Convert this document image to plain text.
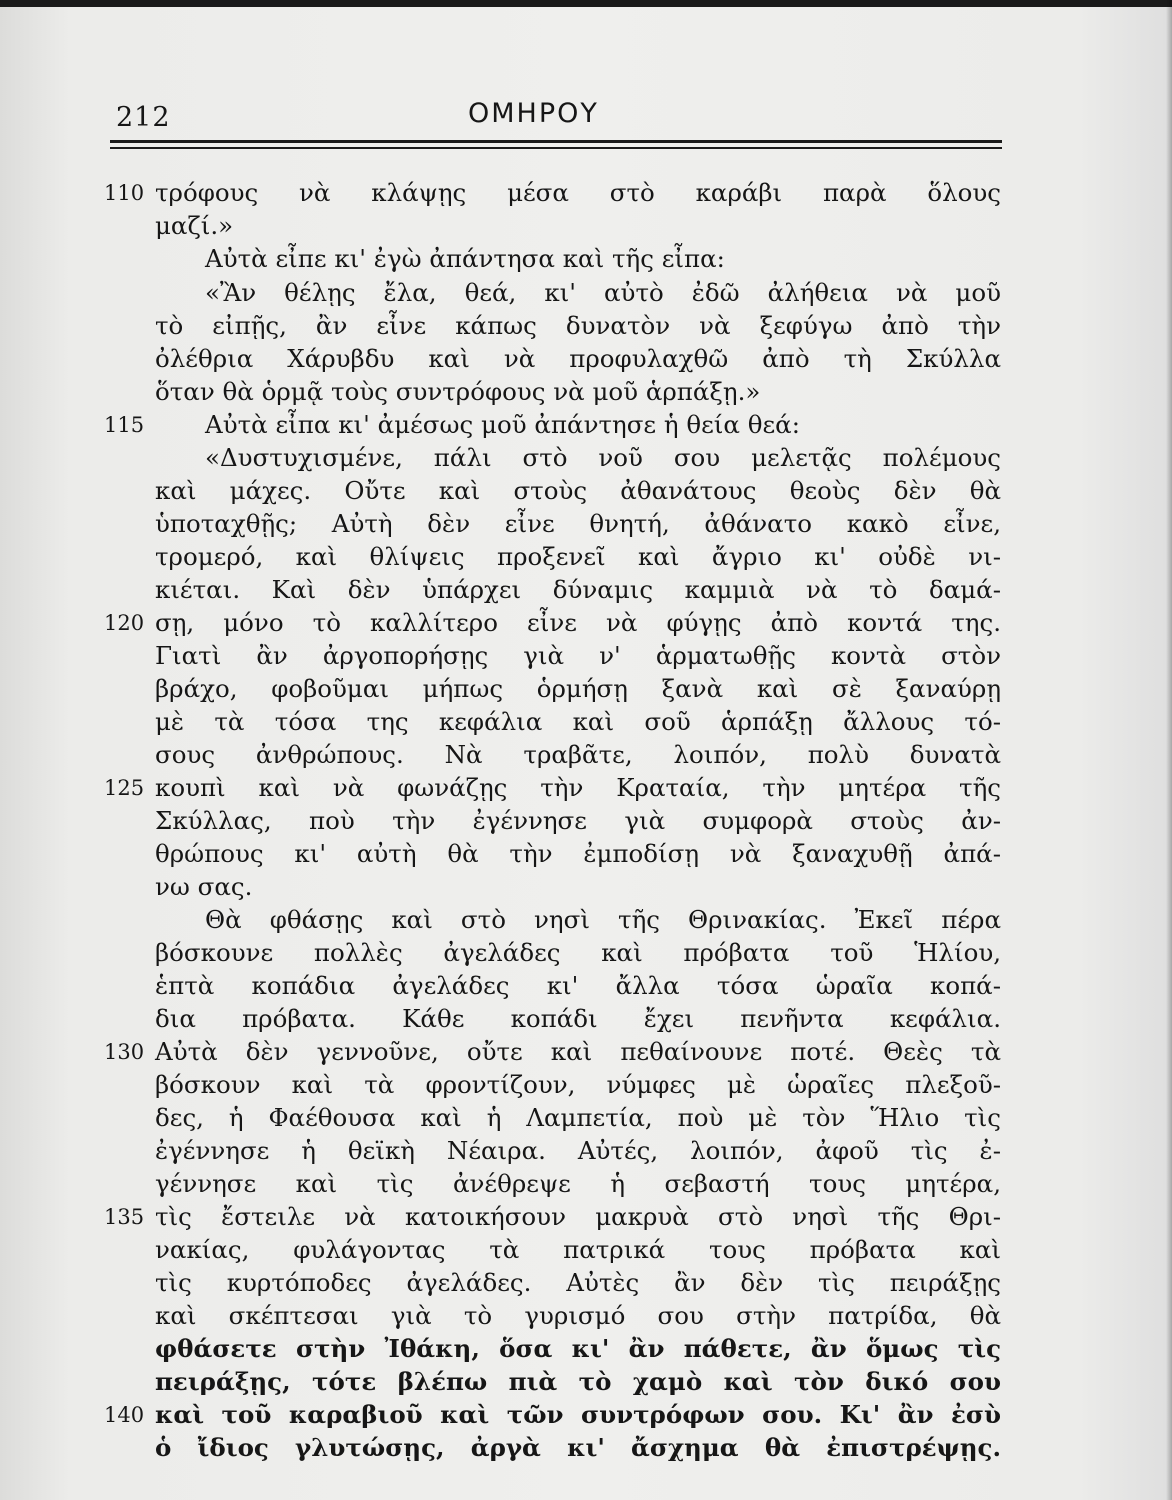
212	ΟΜΗΡΟΥ
110 τρόφους νὰ κλάψῃς μέσα στὸ καράβι παρὰ ὅλους
μαζί.»
Αὐτὰ εἶπε κι' ἐγὼ ἀπάντησα καὶ τῆς εἶπα:
«Ἂν θέλῃς ἔλα, θεά, κι' αὐτὸ ἐδῶ ἀλήθεια νὰ μοῦ
τὸ εἰπῇς, ἂν εἶνε κάπως δυνατὸν νὰ ξεφύγω ἀπὸ τὴν
ὀλέθρια Χάρυβδυ καὶ νὰ προφυλαχθῶ ἀπὸ τὴ Σκύλλα
ὅταν θὰ ὁρμᾷ τοὺς συντρόφους νὰ μοῦ ἁρπάξῃ.»
115 Αὐτὰ εἶπα κι' ἀμέσως μοῦ ἀπάντησε ἡ θεία θεά:
«Δυστυχισμένε, πάλι στὸ νοῦ σου μελετᾷς πολέμους
καὶ μάχες. Οὔτε καὶ στοὺς ἀθανάτους θεοὺς δὲν θὰ
ὑποταχθῇς; Αὐτὴ δὲν εἶνε θνητή, ἀθάνατο κακὸ εἶνε,
τρομερό, καὶ θλίψεις προξενεῖ καὶ ἄγριο κι' οὐδὲ νι-
κιέται. Καὶ δὲν ὑπάρχει δύναμις καμμιὰ νὰ τὸ δαμά-
120 σῃ, μόνο τὸ καλλίτερο εἶνε νὰ φύγῃς ἀπὸ κοντά της.
Γιατὶ ἂν ἀργοπορήσῃς γιὰ ν' ἁρματωθῇς κοντὰ στὸν
βράχο, φοβοῦμαι μήπως ὁρμήσῃ ξανὰ καὶ σὲ ξαναύρῃ
μὲ τὰ τόσα της κεφάλια καὶ σοῦ ἁρπάξῃ ἄλλους τό-
σους ἀνθρώπους. Νὰ τραβᾶτε, λοιπόν, πολὺ δυνατὰ
125 κουπὶ καὶ νὰ φωνάζῃς τὴν Κραταία, τὴν μητέρα τῆς
Σκύλλας, ποὺ τὴν ἐγέννησε γιὰ συμφορὰ στοὺς ἀν-
θρώπους κι' αὐτὴ θὰ τὴν ἐμποδίσῃ νὰ ξαναχυθῇ ἀπά-
νω σας.
Θὰ φθάσῃς καὶ στὸ νησὶ τῆς Θρινακίας. Ἐκεῖ πέρα
βόσκουνε πολλὲς ἀγελάδες καὶ πρόβατα τοῦ Ἡλίου,
ἑπτὰ κοπάδια ἀγελάδες κι' ἄλλα τόσα ὡραῖα κοπά-
δια πρόβατα. Κάθε κοπάδι ἔχει πενῆντα κεφάλια.
130 Αὐτὰ δὲν γεννοῦνε, οὔτε καὶ πεθαίνουνε ποτέ. Θεὲς τὰ
βόσκουν καὶ τὰ φροντίζουν, νύμφες μὲ ὡραῖες πλεξοῦ-
δες, ἡ Φαέθουσα καὶ ἡ Λαμπετία, ποὺ μὲ τὸν Ἥλιο τὶς
ἐγέννησε ἡ θεϊκὴ Νέαιρα. Αὐτές, λοιπόν, ἀφοῦ τὶς ἐ-
γέννησε καὶ τὶς ἀνέθρεψε ἡ σεβαστή τους μητέρα,
135 τὶς ἔστειλε νὰ κατοικήσουν μακρυὰ στὸ νησὶ τῆς Θρι-
νακίας, φυλάγοντας τὰ πατρικά τους πρόβατα καὶ
τὶς κυρτόποδες ἀγελάδες. Αὐτὲς ἂν δὲν τὶς πειράξῃς
καὶ σκέπτεσαι γιὰ τὸ γυρισμό σου στὴν πατρίδα, θὰ
φθάσετε στὴν Ἰθάκη, ὅσα κι' ἂν πάθετε, ἂν ὅμως τὶς
πειράξῃς, τότε βλέπω πιὰ τὸ χαμὸ καὶ τὸν δικό σου
140 καὶ τοῦ καραβιοῦ καὶ τῶν συντρόφων σου. Κι' ἂν ἐσὺ
ὁ ἴδιος γλυτώσῃς, ἀργὰ κι' ἄσχημα θὰ ἐπιστρέψῃς.
